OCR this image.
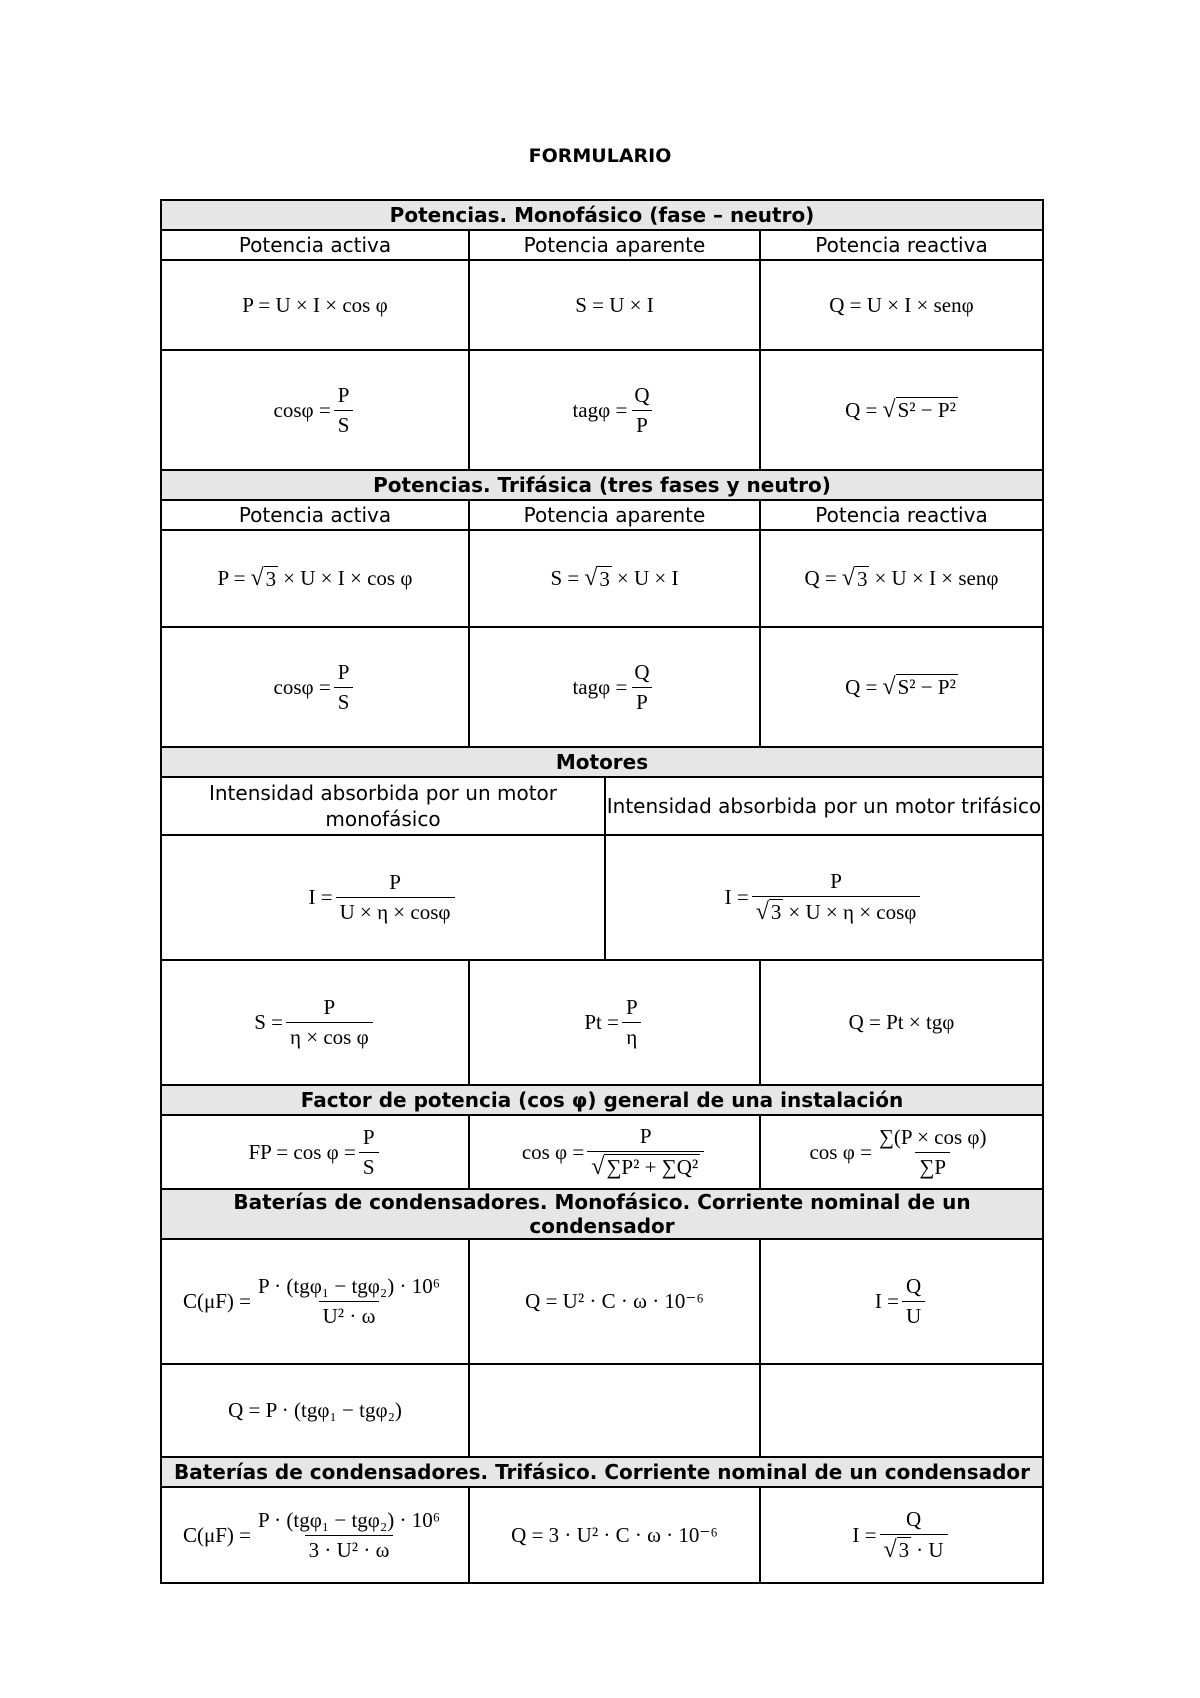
FORMULARIO
Potencias. Monofásico (fase – neutro)			
Potencia activa	Potencia aparente		Potencia reactiva
P = U × I × cos φ	S = U × I		Q = U × I × senφ

$\cos\varphi = \frac{P}{S}$	$tag\varphi = \frac{Q}{P}$		Q = √ S² − P²

Potencias. Trifásica (tres fases y neutro)			
Potencia activa	Potencia aparente		Potencia reactiva

P = √ 3 × U × I × cos φ	S = √ 3 × U × I		Q = √ 3 × U × I × senφ

$\cos\varphi = \frac{P}{S}$	$tag\varphi = \frac{Q}{P}$		Q = √ S² − P²

Motores			
Intensidad absorbida por un motor monofásico		Intensidad absorbida por un motor trifásico	

$I = \frac{P}{U \times \eta \times \cos\varphi}$		$I = \frac{P}{√3 \times U \times \eta \times \cos\varphi}$

$S = \frac{P}{\text{η × cos φ}}$	$Pt = \frac{P}{\eta}$		Q = Pt × tgφ
Factor de potencia (cos φ) general de una instalación			

FP = $\cos \varphi = \frac{P}{S}$	$\cos \varphi = \frac{P}{\text{√∑P² + ∑Q²}}$		$\cos \varphi = \frac{\text{∑(P × cos φ)}}{\sum P}$

Baterías de condensadores. Monofásico. Corriente nominal de un condensador			

$C(\mu F) = \frac{\text{P · (tgφ₁ − tgφ₂) · 10⁶}}{\text{U² · ω}}$	Q = U² · C · ω · 10⁻⁶		$I = \frac{Q}{U}$

Q = P · (tgφ₁ − tgφ₂)			
Baterías de condensadores. Trifásico. Corriente nominal de un condensador			

$C(\mu F) = \frac{\text{P · (tgφ₁ − tgφ₂) · 10⁶}}{\text{3 · U² · ω}}$	Q = 3 · U² · C · ω · 10⁻⁶		$I = \frac{Q}{√3 \cdot U}$
